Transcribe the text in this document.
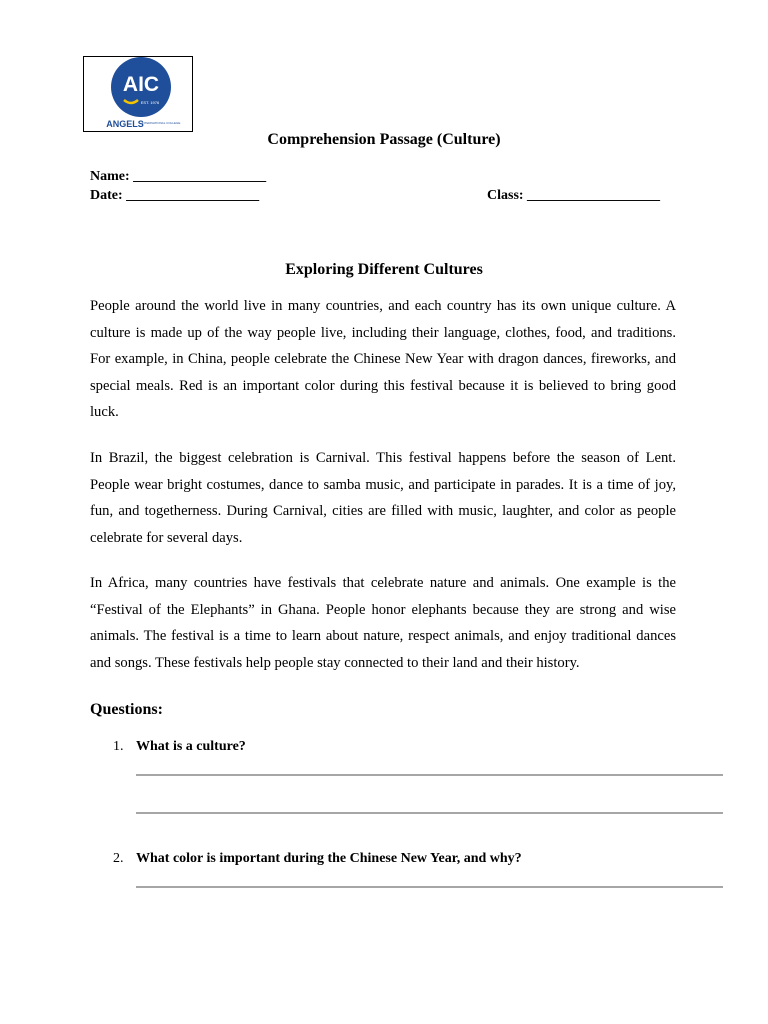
AIC
EST. 1976
ANGELS
INTERNATIONAL COLLEGE
Comprehension Passage (Culture)
Name: ___________________
Date: ___________________	Class: ___________________
Exploring Different Cultures

People around the world live in many countries, and each country has its own unique culture. A culture is made up of the way people live, including their language, clothes, food, and traditions. For example, in China, people celebrate the Chinese New Year with dragon dances, fireworks, and special meals. Red is an important color during this festival because it is believed to bring good luck.

In Brazil, the biggest celebration is Carnival. This festival happens before the season of Lent. People wear bright costumes, dance to samba music, and participate in parades. It is a time of joy, fun, and togetherness. During Carnival, cities are filled with music, laughter, and color as people celebrate for several days.

In Africa, many countries have festivals that celebrate nature and animals. One example is the “Festival of the Elephants” in Ghana. People honor elephants because they are strong and wise animals. The festival is a time to learn about nature, respect animals, and enjoy traditional dances and songs. These festivals help people stay connected to their land and their history.

Questions:
1. What is a culture?
2. What color is important during the Chinese New Year, and why?
